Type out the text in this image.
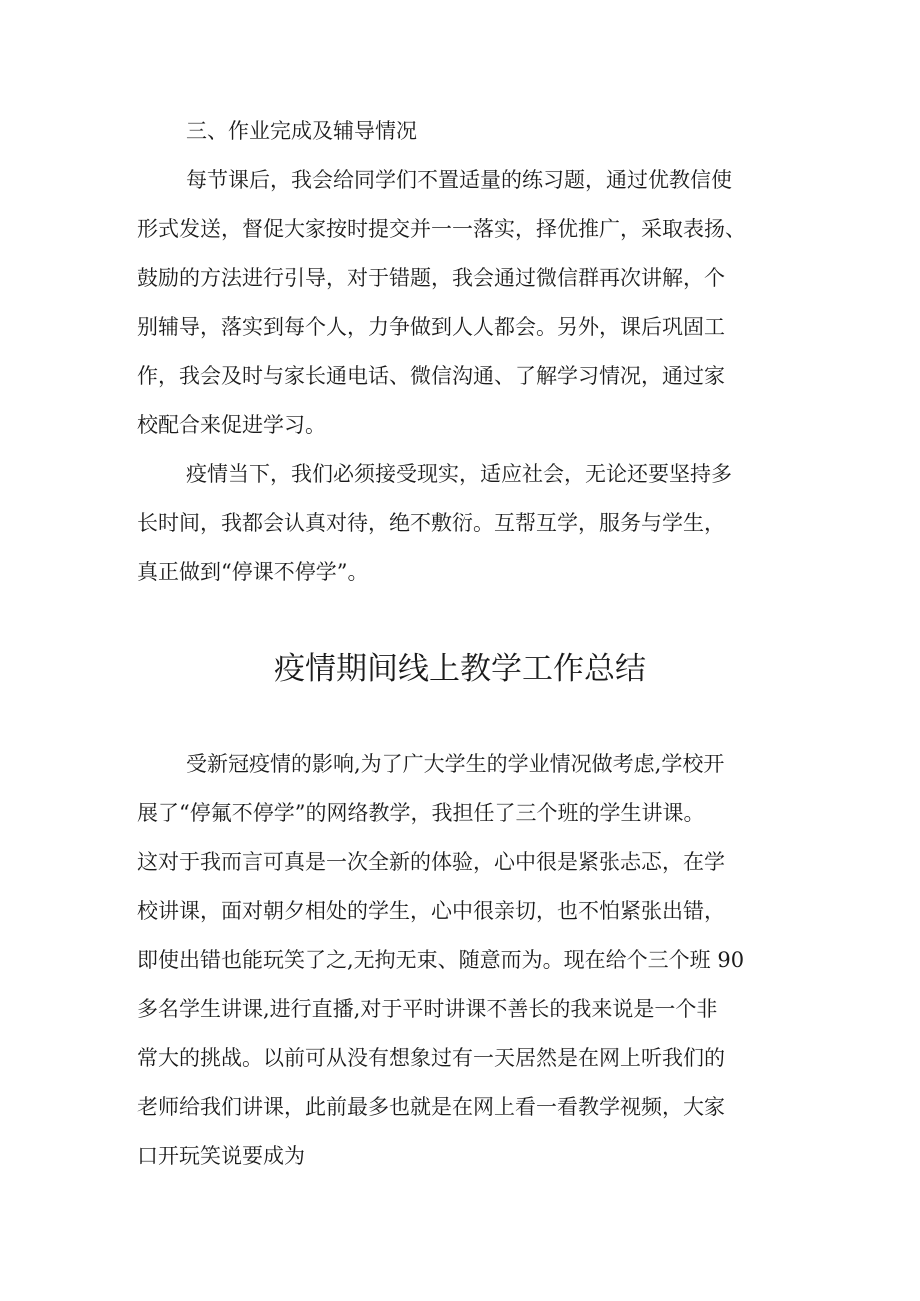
三、作业完成及辅导情况
每节课后，我会给同学们不置适量的练习题，通过优教信使
形式发送，督促大家按时提交并一一落实，择优推广，采取表扬、
鼓励的方法进行引导，对于错题，我会通过微信群再次讲解，个
别辅导，落实到每个人，力争做到人人都会。另外，课后巩固工
作，我会及时与家长通电话、微信沟通、了解学习情况，通过家
校配合来促进学习。
疫情当下，我们必须接受现实，适应社会，无论还要坚持多
长时间，我都会认真对待，绝不敷衍。互帮互学，服务与学生，
真正做到“停课不停学”。
疫情期间线上教学工作总结
受新冠疫情的影响,为了广大学生的学业情况做考虑,学校开
展了“停氟不停学”的网络教学，我担任了三个班的学生讲课。
这对于我而言可真是一次全新的体验，心中很是紧张忐忑，在学
校讲课，面对朝夕相处的学生，心中很亲切，也不怕紧张出错，
即使出错也能玩笑了之,无拘无束、随意而为。现在给个三个班 90
多名学生讲课,进行直播,对于平时讲课不善长的我来说是一个非
常大的挑战。以前可从没有想象过有一天居然是在网上听我们的
老师给我们讲课，此前最多也就是在网上看一看教学视频，大家
口开玩笑说要成为
